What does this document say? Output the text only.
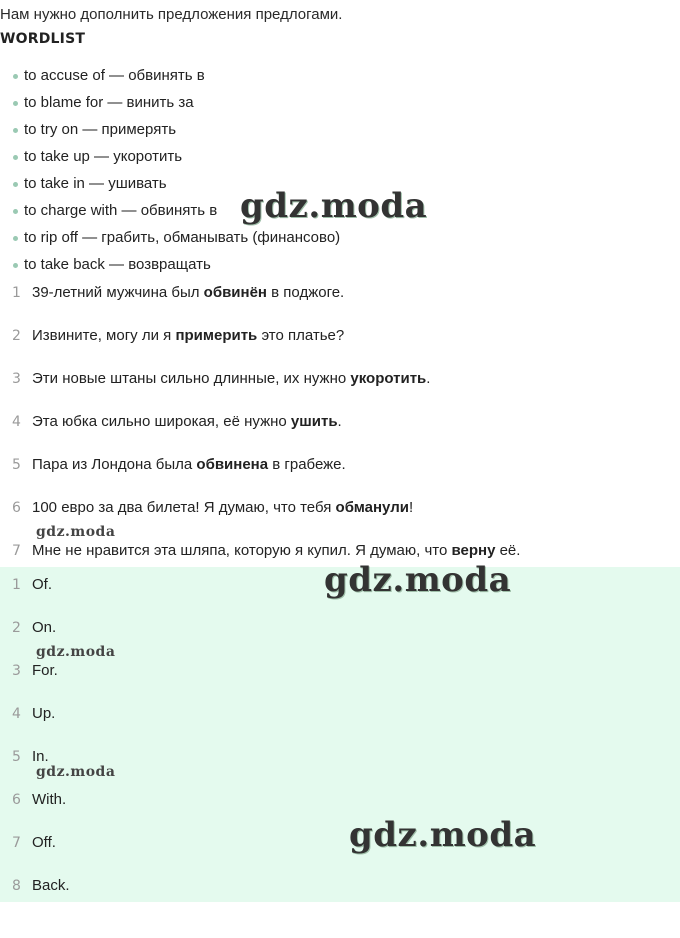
Нам нужно дополнить предложения предлогами.
WORDLIST
to accuse of — обвинять в
to blame for — винить за
to try on — примерять
to take up — укоротить
to take in — ушивать
to charge with — обвинять в
to rip off — грабить, обманывать (финансово)
to take back — возвращать
1 39-летний мужчина был обвинён в поджоге.
2 Извините, могу ли я примерить это платье?
3 Эти новые штаны сильно длинные, их нужно укоротить.
4 Эта юбка сильно широкая, её нужно ушить.
5 Пара из Лондона была обвинена в грабеже.
6 100 евро за два билета! Я думаю, что тебя обманули!
7 Мне не нравится эта шляпа, которую я купил. Я думаю, что верну её.
1 Of.
2 On.
3 For.
4 Up.
5 In.
6 With.
7 Off.
8 Back.
gdz.moda
gdz.moda
gdz.moda
gdz.moda
gdz.moda
gdz.moda
